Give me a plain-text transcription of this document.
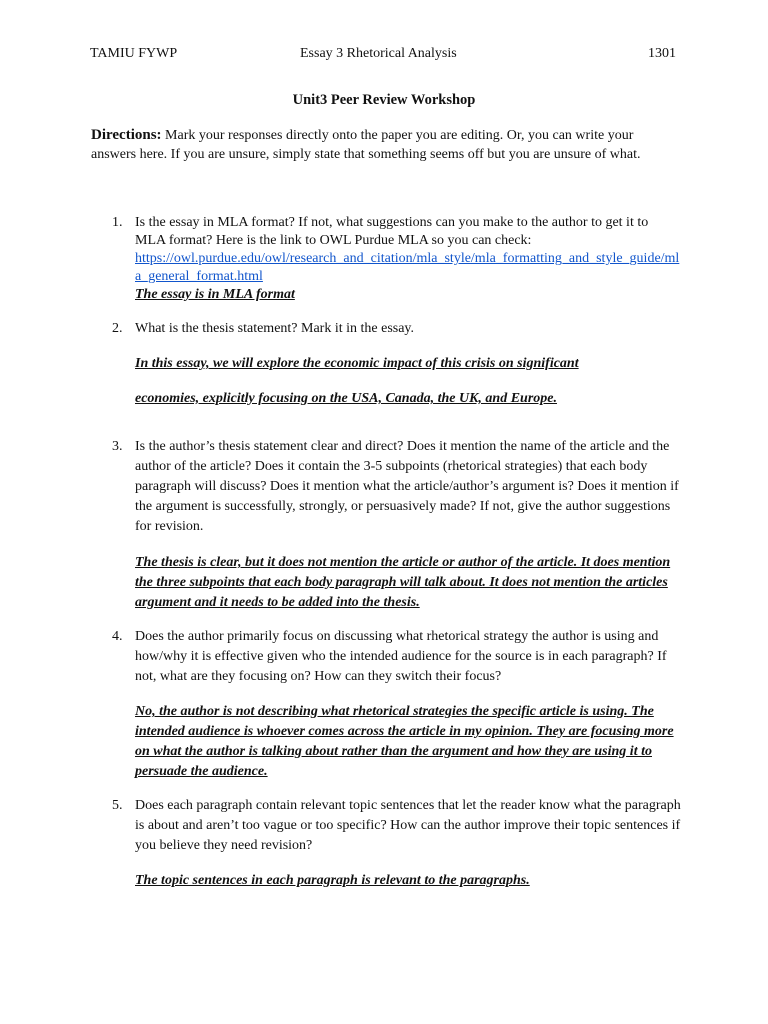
TAMIU FYWP	Essay 3 Rhetorical Analysis	1301
Unit3 Peer Review Workshop
Directions: Mark your responses directly onto the paper you are editing. Or, you can write your answers here. If you are unsure, simply state that something seems off but you are unsure of what.
1. Is the essay in MLA format? If not, what suggestions can you make to the author to get it to MLA format? Here is the link to OWL Purdue MLA so you can check:
https://owl.purdue.edu/owl/research_and_citation/mla_style/mla_formatting_and_style_guide/mla_general_format.html
The essay is in MLA format
2. What is the thesis statement? Mark it in the essay.
In this essay, we will explore the economic impact of this crisis on significant economies, explicitly focusing on the USA, Canada, the UK, and Europe.
3. Is the author’s thesis statement clear and direct? Does it mention the name of the article and the author of the article? Does it contain the 3-5 subpoints (rhetorical strategies) that each body paragraph will discuss? Does it mention what the article/author’s argument is? Does it mention if the argument is successfully, strongly, or persuasively made? If not, give the author suggestions for revision.
The thesis is clear, but it does not mention the article or author of the article. It does mention the three subpoints that each body paragraph will talk about. It does not mention the articles argument and it needs to be added into the thesis.
4. Does the author primarily focus on discussing what rhetorical strategy the author is using and how/why it is effective given who the intended audience for the source is in each paragraph? If not, what are they focusing on? How can they switch their focus?
No, the author is not describing what rhetorical strategies the specific article is using. The intended audience is whoever comes across the article in my opinion. They are focusing more on what the author is talking about rather than the argument and how they are using it to persuade the audience.
5. Does each paragraph contain relevant topic sentences that let the reader know what the paragraph is about and aren’t too vague or too specific? How can the author improve their topic sentences if you believe they need revision?
The topic sentences in each paragraph is relevant to the paragraphs.
